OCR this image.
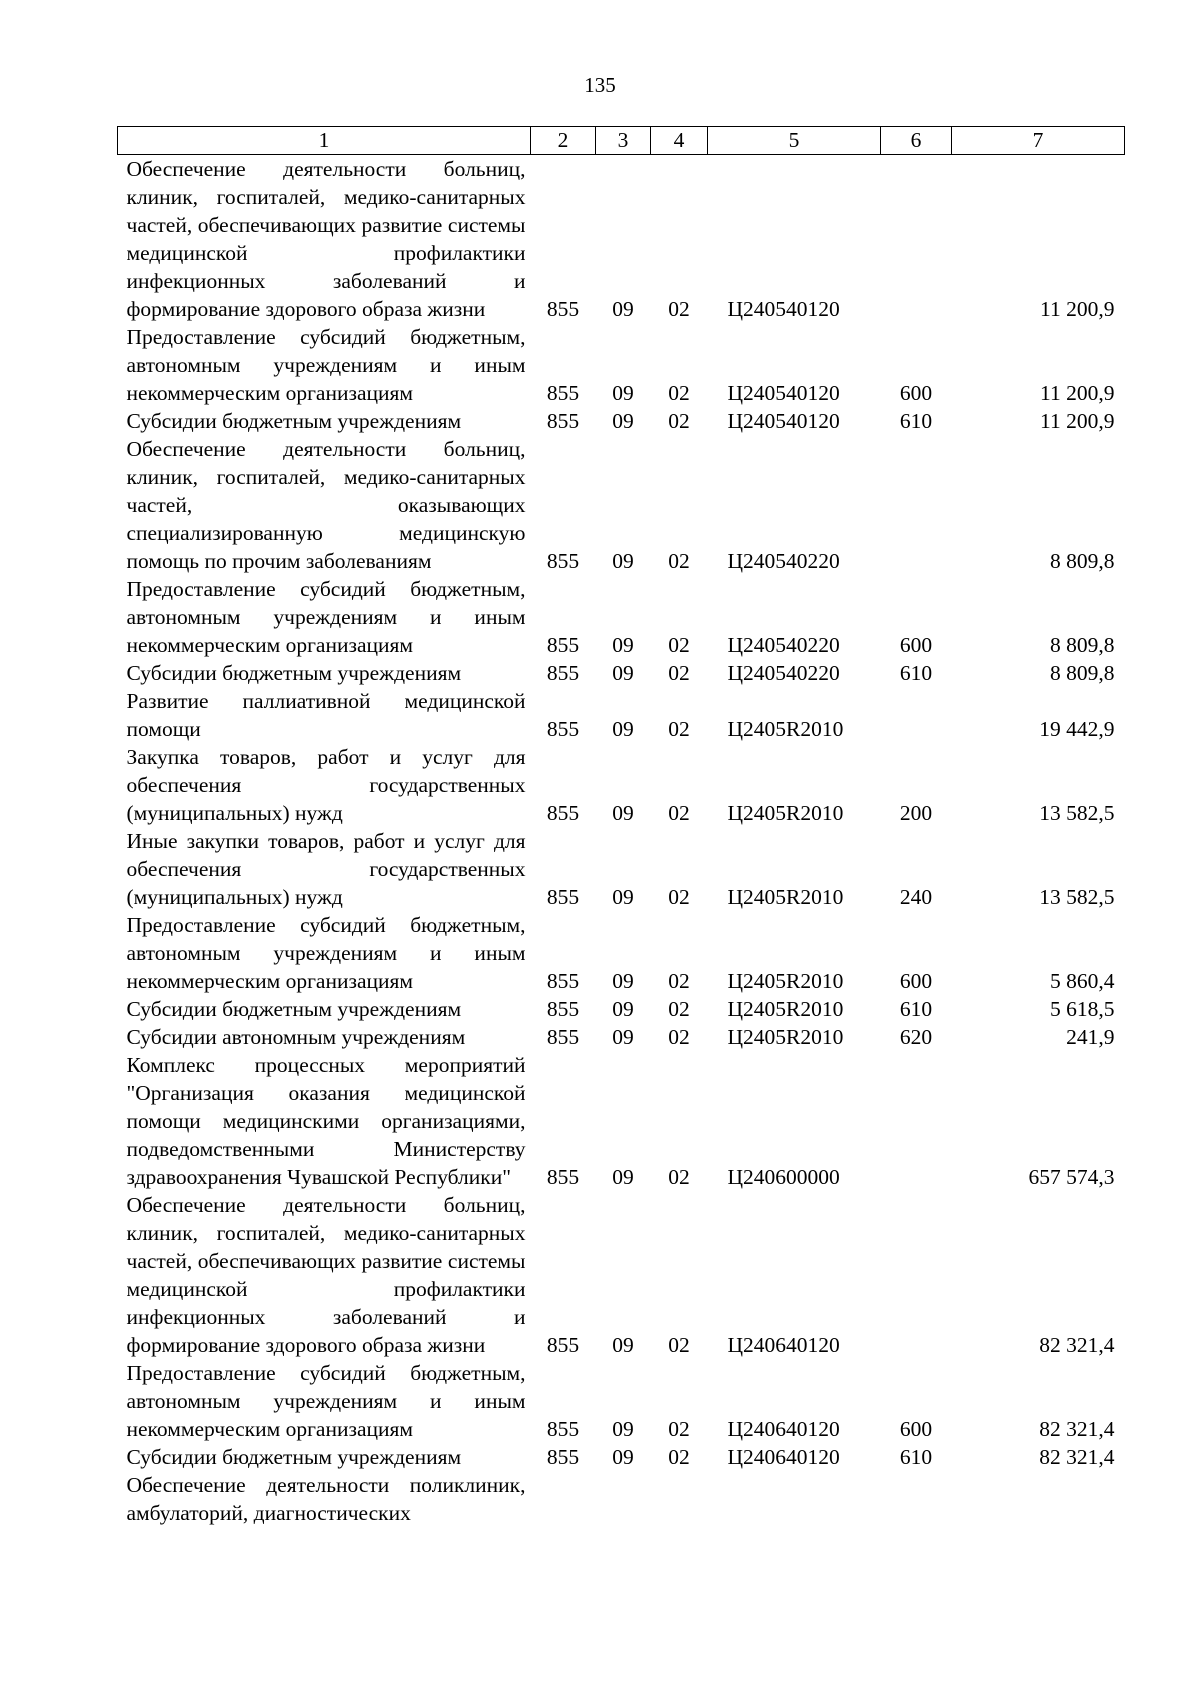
135
1	2	3	4	5	6	7
Обеспечение деятельности больниц, клиник, госпиталей, медико-санитарных частей, обеспечивающих развитие системы медицинской профилактики инфекционных заболеваний и формирование здорового образа жизни	855	09	02	Ц240540120		11 200,9
Предоставление субсидий бюджетным, автономным учреждениям и иным некоммерческим организациям	855	09	02	Ц240540120	600	11 200,9
Субсидии бюджетным учреждениям	855	09	02	Ц240540120	610	11 200,9
Обеспечение деятельности больниц, клиник, госпиталей, медико-санитарных частей, оказывающих специализированную медицинскую помощь по прочим заболеваниям	855	09	02	Ц240540220		8 809,8
Предоставление субсидий бюджетным, автономным учреждениям и иным некоммерческим организациям	855	09	02	Ц240540220	600	8 809,8
Субсидии бюджетным учреждениям	855	09	02	Ц240540220	610	8 809,8
Развитие паллиативной медицинской помощи	855	09	02	Ц2405R2010		19 442,9
Закупка товаров, работ и услуг для обеспечения государственных (муниципальных) нужд	855	09	02	Ц2405R2010	200	13 582,5
Иные закупки товаров, работ и услуг для обеспечения государственных (муниципальных) нужд	855	09	02	Ц2405R2010	240	13 582,5
Предоставление субсидий бюджетным, автономным учреждениям и иным некоммерческим организациям	855	09	02	Ц2405R2010	600	5 860,4
Субсидии бюджетным учреждениям	855	09	02	Ц2405R2010	610	5 618,5
Субсидии автономным учреждениям	855	09	02	Ц2405R2010	620	241,9
Комплекс процессных мероприятий "Организация оказания медицинской помощи медицинскими организациями, подведомственными Министерству здравоохранения Чувашской Республики"	855	09	02	Ц240600000		657 574,3
Обеспечение деятельности больниц, клиник, госпиталей, медико-санитарных частей, обеспечивающих развитие системы медицинской профилактики инфекционных заболеваний и формирование здорового образа жизни	855	09	02	Ц240640120		82 321,4
Предоставление субсидий бюджетным, автономным учреждениям и иным некоммерческим организациям	855	09	02	Ц240640120	600	82 321,4
Субсидии бюджетным учреждениям	855	09	02	Ц240640120	610	82 321,4
Обеспечение деятельности поликлиник, амбулаторий, диагностических						
